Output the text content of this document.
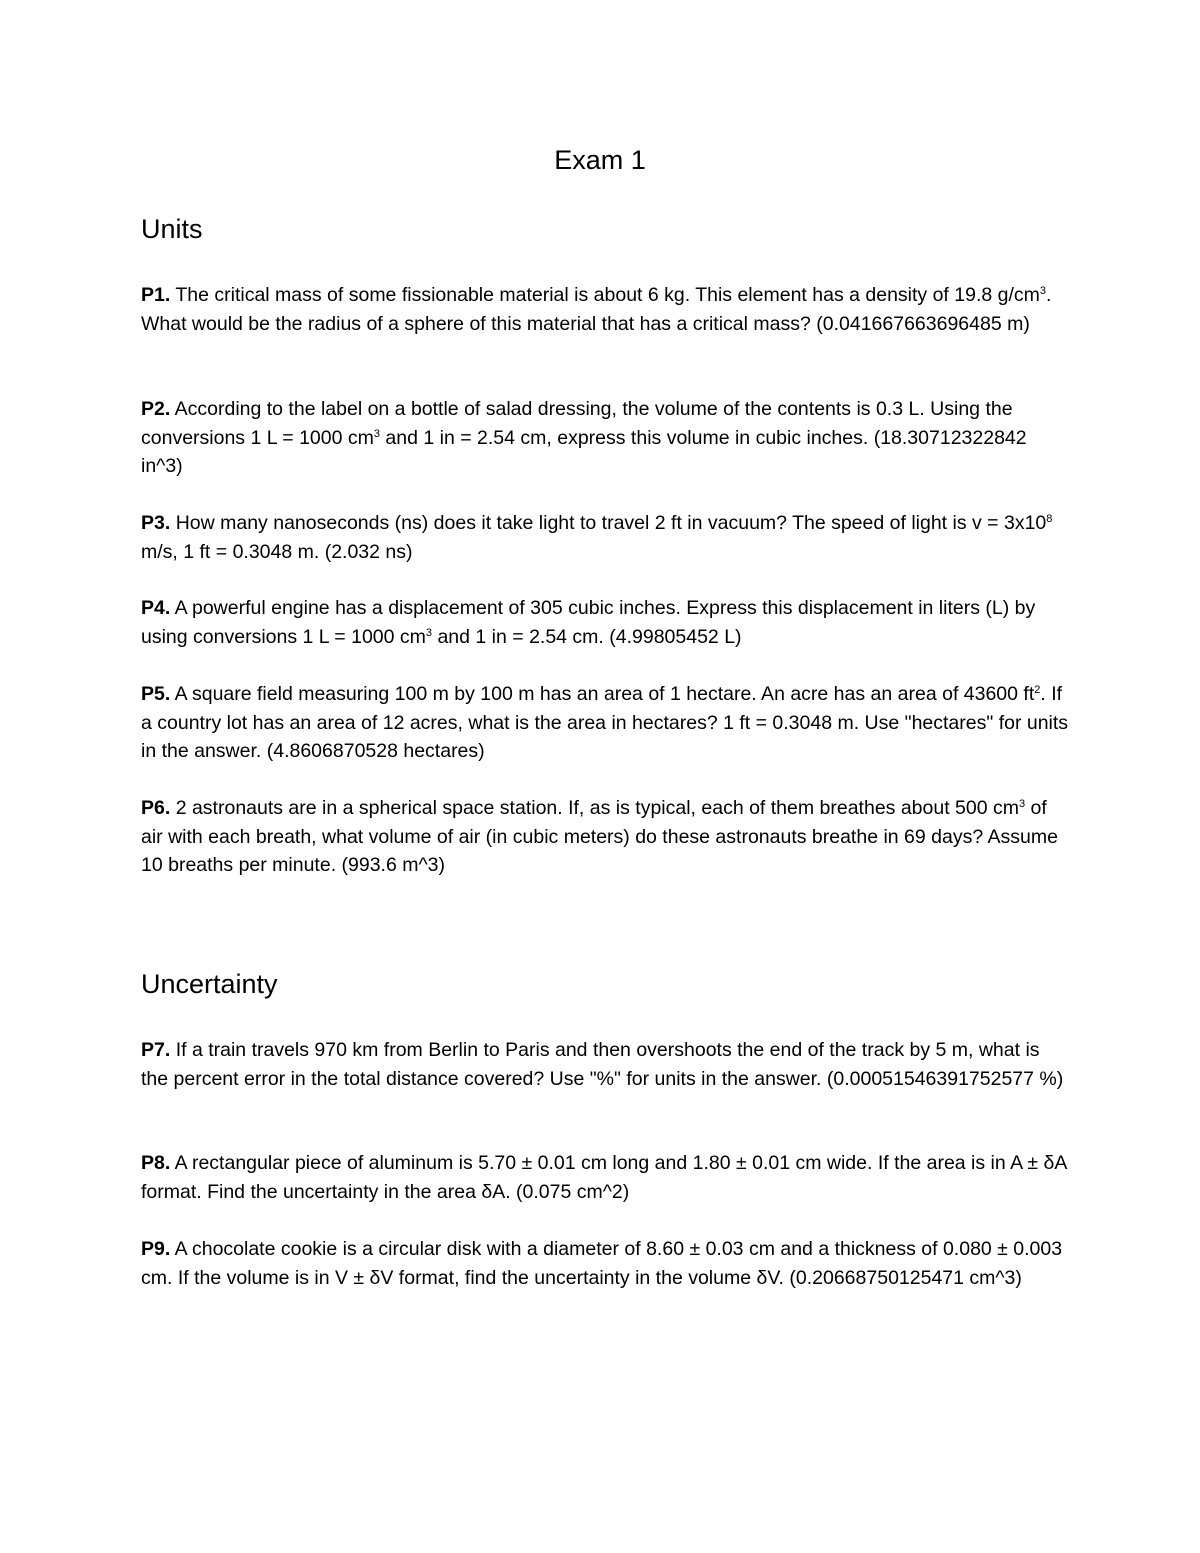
Exam 1
Units
P1. The critical mass of some fissionable material is about 6 kg. This element has a density of 19.8 $g/cm^3$. What would be the radius of a sphere of this material that has a critical mass? (0.041667663696485 m)
P2. According to the label on a bottle of salad dressing, the volume of the contents is 0.3 L. Using the conversions 1 L = 1000 $cm^3$ and 1 in = 2.54 cm, express this volume in cubic inches. (18.30712322842 in^3)
P3. How many nanoseconds (ns) does it take light to travel 2 ft in vacuum? The speed of light is $v = 3x10^8$ m/s, 1 ft = 0.3048 m. (2.032 ns)
P4. A powerful engine has a displacement of 305 cubic inches. Express this displacement in liters (L) by using conversions 1 L = 1000 $cm^3$ and 1 in = 2.54 cm. (4.99805452 L)
P5. A square field measuring 100 m by 100 m has an area of 1 hectare. An acre has an area of 43600 $ft^2$. If a country lot has an area of 12 acres, what is the area in hectares? 1 ft = 0.3048 m. Use "hectares" for units in the answer. (4.8606870528 hectares)
P6. 2 astronauts are in a spherical space station. If, as is typical, each of them breathes about 500 $cm^3$ of air with each breath, what volume of air (in cubic meters) do these astronauts breathe in 69 days? Assume 10 breaths per minute. (993.6 m^3)
Uncertainty
P7. If a train travels 970 km from Berlin to Paris and then overshoots the end of the track by 5 m, what is the percent error in the total distance covered? Use "%" for units in the answer. (0.00051546391752577 %)
P8. A rectangular piece of aluminum is 5.70 ± 0.01 cm long and 1.80 ± 0.01 cm wide. If the area is in A ± δA format. Find the uncertainty in the area δA. (0.075 cm^2)
P9. A chocolate cookie is a circular disk with a diameter of 8.60 ± 0.03 cm and a thickness of 0.080 ± 0.003 cm. If the volume is in V ± δV format, find the uncertainty in the volume δV. (0.20668750125471 cm^3)
